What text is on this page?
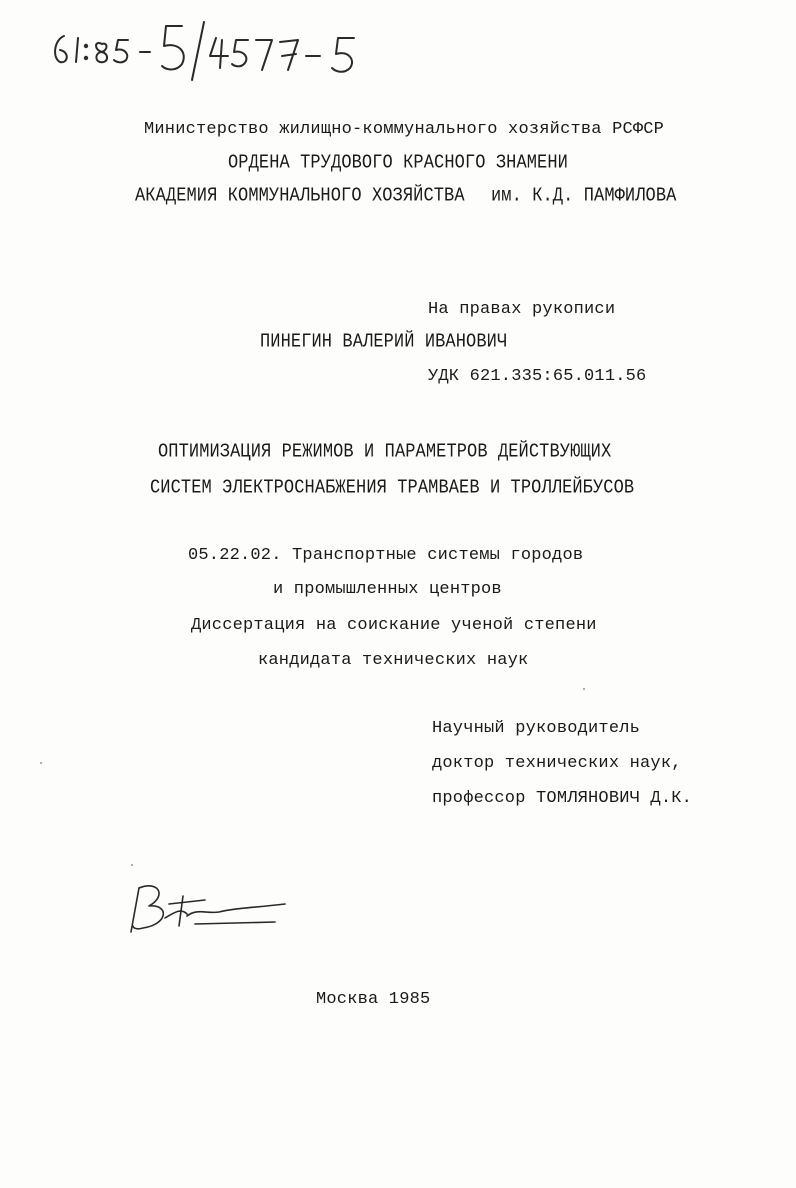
Министерство жилищно-коммунального хозяйства РСФСР
ОРДЕНА ТРУДОВОГО КРАСНОГО ЗНАМЕНИ
АКАДЕМИЯ КОММУНАЛЬНОГО ХОЗЯЙСТВА им. К.Д. ПАМФИЛОВА
На правах рукописи
ПИНЕГИН ВАЛЕРИЙ ИВАНОВИЧ
УДК 621.335:65.011.56
ОПТИМИЗАЦИЯ РЕЖИМОВ И ПАРАМЕТРОВ ДЕЙСТВУЮЩИХ
СИСТЕМ ЭЛЕКТРОСНАБЖЕНИЯ ТРАМВАЕВ И ТРОЛЛЕЙБУСОВ
05.22.02. Транспортные системы городов
и промышленных центров
Диссертация на соискание ученой степени
кандидата технических наук
Научный руководитель
доктор технических наук,
профессор ТОМЛЯНОВИЧ Д.К.
Москва 1985
